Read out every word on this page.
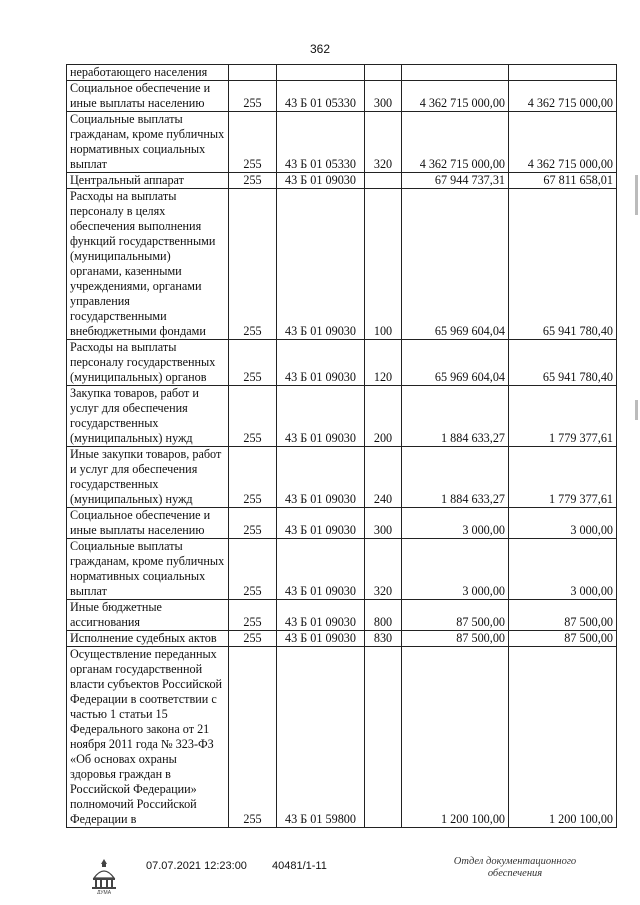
362
неработающего населения					
Социальное обеспечение и иные выплаты населению	255	43 Б 01 05330	300	4 362 715 000,00	4 362 715 000,00
Социальные выплаты гражданам, кроме публичных нормативных социальных выплат	255	43 Б 01 05330	320	4 362 715 000,00	4 362 715 000,00
Центральный аппарат	255	43 Б 01 09030		67 944 737,31	67 811 658,01
Расходы на выплаты персоналу в целях обеспечения выполнения функций государственными (муниципальными) органами, казенными учреждениями, органами управления государственными внебюджетными фондами	255	43 Б 01 09030	100	65 969 604,04	65 941 780,40
Расходы на выплаты персоналу государственных (муниципальных) органов	255	43 Б 01 09030	120	65 969 604,04	65 941 780,40
Закупка товаров, работ и услуг для обеспечения государственных (муниципальных) нужд	255	43 Б 01 09030	200	1 884 633,27	1 779 377,61
Иные закупки товаров, работ и услуг для обеспечения государственных (муниципальных) нужд	255	43 Б 01 09030	240	1 884 633,27	1 779 377,61
Социальное обеспечение и иные выплаты населению	255	43 Б 01 09030	300	3 000,00	3 000,00
Социальные выплаты гражданам, кроме публичных нормативных социальных выплат	255	43 Б 01 09030	320	3 000,00	3 000,00
Иные бюджетные ассигнования	255	43 Б 01 09030	800	87 500,00	87 500,00
Исполнение судебных актов	255	43 Б 01 09030	830	87 500,00	87 500,00
Осуществление переданных органам государственной власти субъектов Российской Федерации в соответствии с частью 1 статьи 15 Федерального закона от 21 ноября 2011 года № 323-ФЗ «Об основах охраны здоровья граждан в Российской Федерации» полномочий Российской Федерации в	255	43 Б 01 59800		1 200 100,00	1 200 100,00
ДУМА
07.07.2021 12:23:00 40481/1-11	Отдел документационного
обеспечения
